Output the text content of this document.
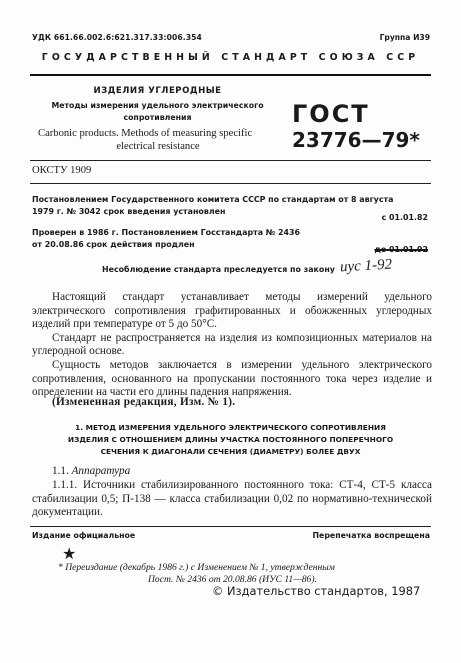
УДК 661.66.002.6:621.317.33:006.354	Группа И39
ГОСУДАРСТВЕННЫЙ СТАНДАРТ СОЮЗА ССР
ИЗДЕЛИЯ УГЛЕРОДНЫЕ
Методы измерения удельного электрического
сопротивления
Carbonic products. Methods of measuring specific
electrical resistance
ГОСТ
23776—79*
ОКСТУ 1909
Постановлением Государственного комитета СССР по стандартам от 8 августа
1979 г. № 3042 срок введения установлен
с 01.01.82
Проверен в 1986 г. Постановлением Госстандарта № 2436
от 20.08.86 срок действия продлен
до 01.01.92
Несоблюдение стандарта преследуется по закону иус 1-92

Настоящий стандарт устанавливает методы измерений удельного электрического сопротивления графитированных и обожженных углеродных изделий при температуре от 5 до 50°С.

Стандарт не распространяется на изделия из композиционных материалов на углеродной основе.

Сущность методов заключается в измерении удельного электрического сопротивления, основанного на пропускании постоянного тока через изделие и определении на части его длины падения напряжения.

(Измененная редакция, Изм. № 1).
1. МЕТОД ИЗМЕРЕНИЯ УДЕЛЬНОГО ЭЛЕКТРИЧЕСКОГО СОПРОТИВЛЕНИЯ
ИЗДЕЛИЯ С ОТНОШЕНИЕМ ДЛИНЫ УЧАСТКА ПОСТОЯННОГО ПОПЕРЕЧНОГО
СЕЧЕНИЯ К ДИАГОНАЛИ СЕЧЕНИЯ (ДИАМЕТРУ) БОЛЕЕ ДВУХ
1.1. Аппаратура

1.1.1. Источники стабилизированного постоянного тока: СТ-4, СТ-5 класса стабилизации 0,5; П-138 — класса стабилизации 0,02 по нормативно-технической документации.

Издание официальное	Перепечатка воспрещена
★
* Переиздание (декабрь 1986 г.) с Изменением № 1, утвержденным
Пост. № 2436 от 20.08.86 (ИУС 11—86).
© Издательство стандартов, 1987
